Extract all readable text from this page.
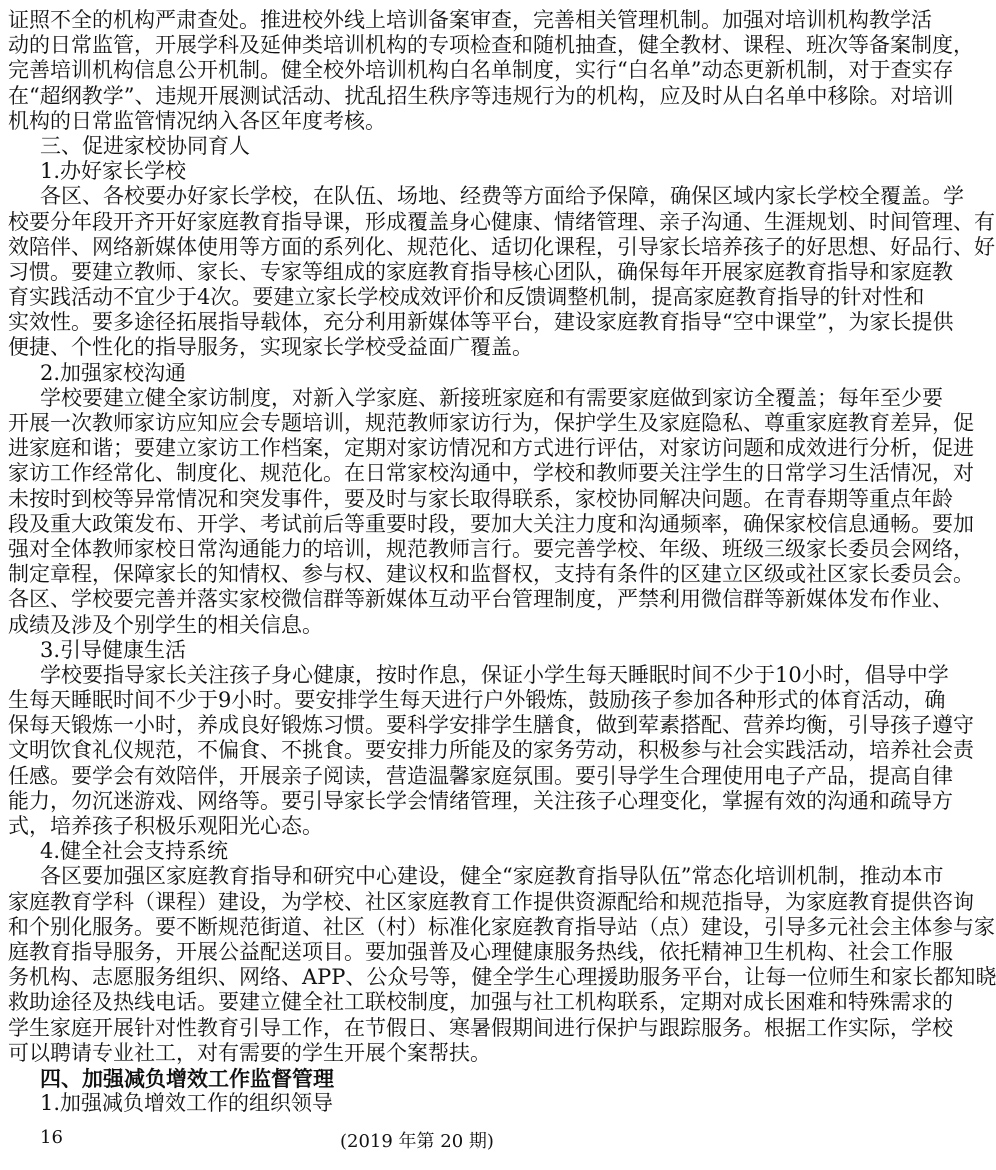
证照不全的机构严肃查处。推进校外线上培训备案审查，完善相关管理机制。加强对培训机构教学活
动的日常监管，开展学科及延伸类培训机构的专项检查和随机抽查，健全教材、课程、班次等备案制度，
完善培训机构信息公开机制。健全校外培训机构白名单制度，实行“白名单”动态更新机制，对于查实存
在“超纲教学”、违规开展测试活动、扰乱招生秩序等违规行为的机构，应及时从白名单中移除。对培训
机构的日常监管情况纳入各区年度考核。
三、促进家校协同育人
1.办好家长学校
各区、各校要办好家长学校，在队伍、场地、经费等方面给予保障，确保区域内家长学校全覆盖。学
校要分年段开齐开好家庭教育指导课，形成覆盖身心健康、情绪管理、亲子沟通、生涯规划、时间管理、有
效陪伴、网络新媒体使用等方面的系列化、规范化、适切化课程，引导家长培养孩子的好思想、好品行、好
习惯。要建立教师、家长、专家等组成的家庭教育指导核心团队，确保每年开展家庭教育指导和家庭教
育实践活动不宜少于4次。要建立家长学校成效评价和反馈调整机制，提高家庭教育指导的针对性和
实效性。要多途径拓展指导载体，充分利用新媒体等平台，建设家庭教育指导“空中课堂”，为家长提供
便捷、个性化的指导服务，实现家长学校受益面广覆盖。
2.加强家校沟通
学校要建立健全家访制度，对新入学家庭、新接班家庭和有需要家庭做到家访全覆盖；每年至少要
开展一次教师家访应知应会专题培训，规范教师家访行为，保护学生及家庭隐私、尊重家庭教育差异，促
进家庭和谐；要建立家访工作档案，定期对家访情况和方式进行评估，对家访问题和成效进行分析，促进
家访工作经常化、制度化、规范化。在日常家校沟通中，学校和教师要关注学生的日常学习生活情况，对
未按时到校等异常情况和突发事件，要及时与家长取得联系，家校协同解决问题。在青春期等重点年龄
段及重大政策发布、开学、考试前后等重要时段，要加大关注力度和沟通频率，确保家校信息通畅。要加
强对全体教师家校日常沟通能力的培训，规范教师言行。要完善学校、年级、班级三级家长委员会网络，
制定章程，保障家长的知情权、参与权、建议权和监督权，支持有条件的区建立区级或社区家长委员会。
各区、学校要完善并落实家校微信群等新媒体互动平台管理制度，严禁利用微信群等新媒体发布作业、
成绩及涉及个别学生的相关信息。
3.引导健康生活
学校要指导家长关注孩子身心健康，按时作息，保证小学生每天睡眠时间不少于10小时，倡导中学
生每天睡眠时间不少于9小时。要安排学生每天进行户外锻炼，鼓励孩子参加各种形式的体育活动，确
保每天锻炼一小时，养成良好锻炼习惯。要科学安排学生膳食，做到荤素搭配、营养均衡，引导孩子遵守
文明饮食礼仪规范，不偏食、不挑食。要安排力所能及的家务劳动，积极参与社会实践活动，培养社会责
任感。要学会有效陪伴，开展亲子阅读，营造温馨家庭氛围。要引导学生合理使用电子产品，提高自律
能力，勿沉迷游戏、网络等。要引导家长学会情绪管理，关注孩子心理变化，掌握有效的沟通和疏导方
式，培养孩子积极乐观阳光心态。
4.健全社会支持系统
各区要加强区家庭教育指导和研究中心建设，健全“家庭教育指导队伍”常态化培训机制，推动本市
家庭教育学科（课程）建设，为学校、社区家庭教育工作提供资源配给和规范指导，为家庭教育提供咨询
和个别化服务。要不断规范街道、社区（村）标准化家庭教育指导站（点）建设，引导多元社会主体参与家
庭教育指导服务，开展公益配送项目。要加强普及心理健康服务热线，依托精神卫生机构、社会工作服
务机构、志愿服务组织、网络、APP、公众号等，健全学生心理援助服务平台，让每一位师生和家长都知晓
救助途径及热线电话。要建立健全社工联校制度，加强与社工机构联系，定期对成长困难和特殊需求的
学生家庭开展针对性教育引导工作，在节假日、寒暑假期间进行保护与跟踪服务。根据工作实际，学校
可以聘请专业社工，对有需要的学生开展个案帮扶。
四、加强减负增效工作监督管理
1.加强减负增效工作的组织领导
16	(2019 年第 20 期)
